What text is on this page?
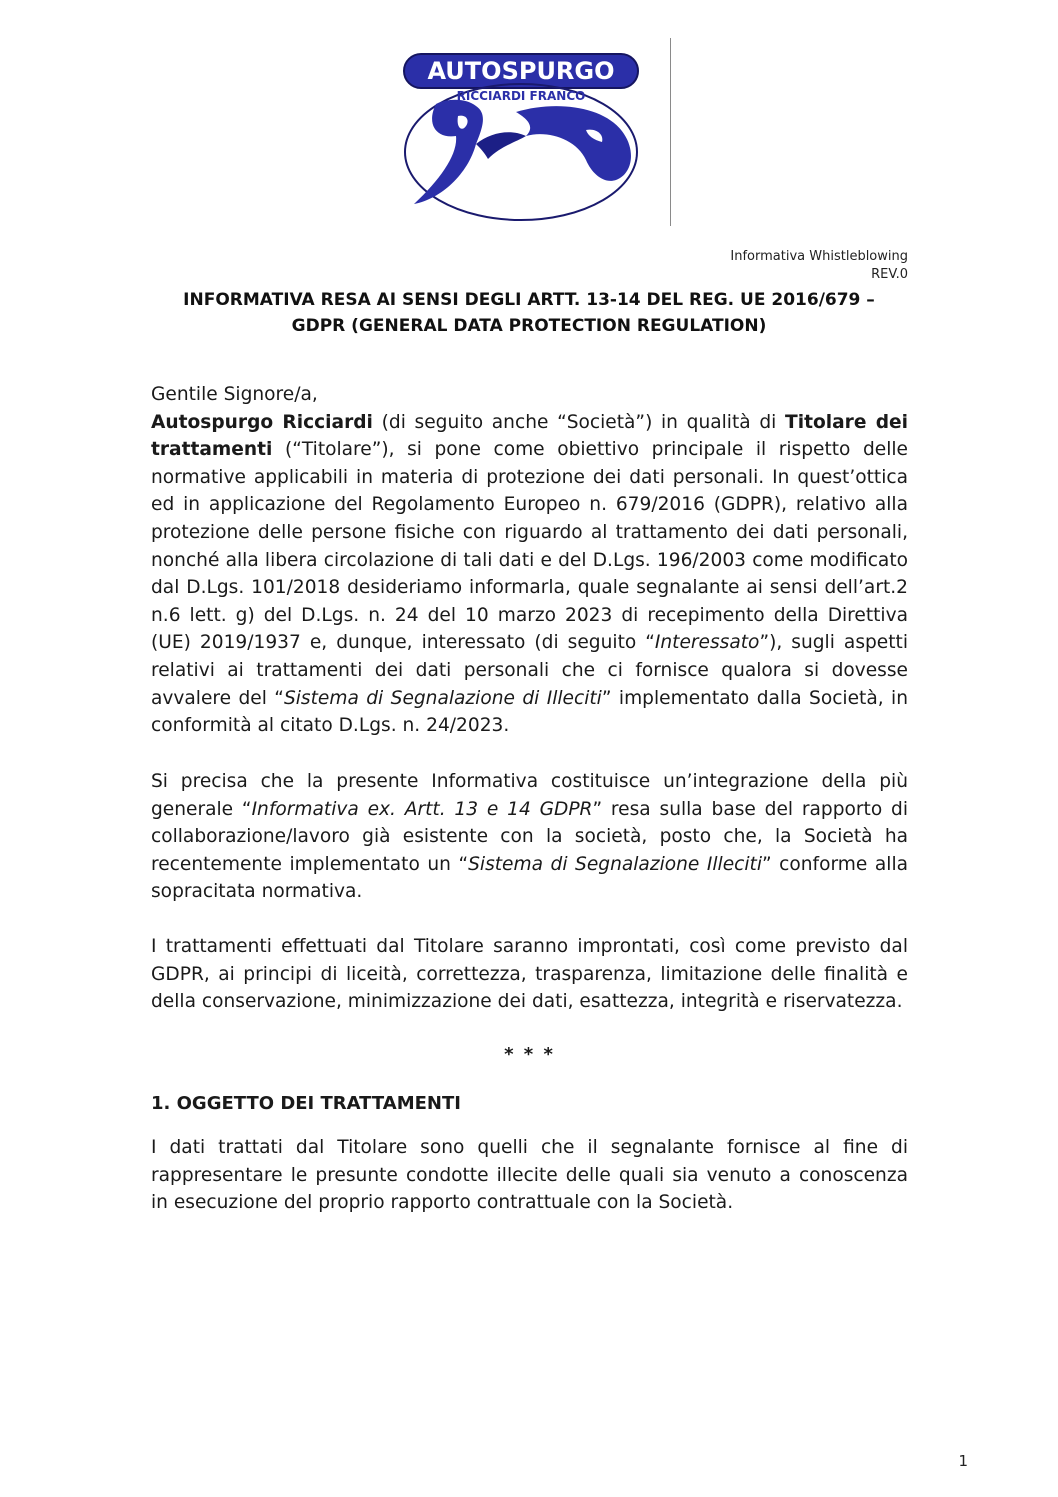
AUTOSPURGO
RICCIARDI FRANCO
Informativa Whistleblowing
REV.0
INFORMATIVA RESA AI SENSI DEGLI ARTT. 13-14 DEL REG. UE 2016/679 –
GDPR (GENERAL DATA PROTECTION REGULATION)
Gentile Signore/a,
Autospurgo Ricciardi (di seguito anche “Società”) in qualità di Titolare dei trattamenti (“Titolare”), si pone come obiettivo principale il rispetto delle normative applicabili in materia di protezione dei dati personali. In quest’ottica ed in applicazione del Regolamento Europeo n. 679/2016 (GDPR), relativo alla protezione delle persone fisiche con riguardo al trattamento dei dati personali, nonché alla libera circolazione di tali dati e del D.Lgs. 196/2003 come modificato dal D.Lgs. 101/2018 desideriamo informarla, quale segnalante ai sensi dell’art.2 n.6 lett. g) del D.Lgs. n. 24 del 10 marzo 2023 di recepimento della Direttiva (UE) 2019/1937 e, dunque, interessato (di seguito “Interessato”), sugli aspetti relativi ai trattamenti dei dati personali che ci fornisce qualora si dovesse avvalere del “Sistema di Segnalazione di Illeciti” implementato dalla Società, in conformità al citato D.Lgs. n. 24/2023.
Si precisa che la presente Informativa costituisce un’integrazione della più generale “Informativa ex. Artt. 13 e 14 GDPR” resa sulla base del rapporto di collaborazione/lavoro già esistente con la società, posto che, la Società ha recentemente implementato un “Sistema di Segnalazione Illeciti” conforme alla sopracitata normativa.
I trattamenti effettuati dal Titolare saranno improntati, così come previsto dal GDPR, ai principi di liceità, correttezza, trasparenza, limitazione delle finalità e della conservazione, minimizzazione dei dati, esattezza, integrità e riservatezza.
* * *
1. OGGETTO DEI TRATTAMENTI
I dati trattati dal Titolare sono quelli che il segnalante fornisce al fine di rappresentare le presunte condotte illecite delle quali sia venuto a conoscenza in esecuzione del proprio rapporto contrattuale con la Società.
1
